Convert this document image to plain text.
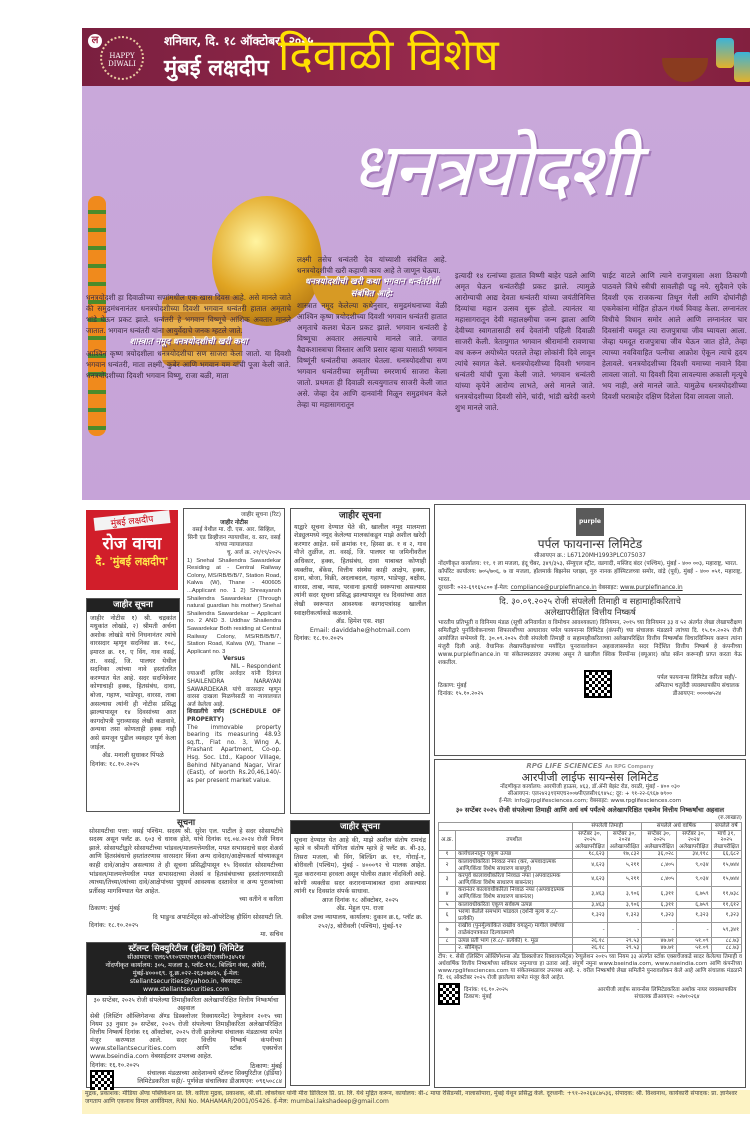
ल
HAPPY
DIWALI
शनिवार, दि. १८ ऑक्टोबर, २०२५
मुंबई लक्षदीप दिवाळी विशेष
धनत्रयोदशी

धनत्रयोदशी हा दिवाळीच्या सणांमधील एक खास दिवस आहे. असे मानले जाते की समुद्रमंथनानंतर धनत्रयोदशीच्या दिवशी भगवान धन्वंतरी हातात अमृताचे भांडे घेऊन प्रकट झाले. धन्वंतरी हे भगवान विष्णूचे आंशिक अवतार मानले जातात. भगवान धन्वंतरी यांना आयुर्वेदाचे जनक म्हटले जाते.

शास्त्रात नमूद धनत्रयोदशीची खरी कथा

आश्विन कृष्ण त्रयोदशीला धनत्रयोदशीचा सण साजरा केला जातो. या दिवशी भगवान धन्वंतरी, माता लक्ष्मी, कुबेर आणि भगवान यम यांची पूजा केली जाते. धनत्रयोदशीच्या दिवशी भगवान विष्णू, राजा बळी, माता

लक्ष्मी तसेच धन्वंतरी देव यांच्याशी संबंधित आहे. धनत्रयोदशीची खरी कहाणी काय आहे ते जाणून घेऊया.

धनत्रयोदशीची खरी कथा भगवान धन्वंतरीशी संबंधित आहे:

शास्त्रात नमूद केलेल्या कथेनुसार, समुद्रमंथनाच्या वेळी आश्विन कृष्ण त्रयोदशीच्या दिवशी भगवान धन्वंतरी हातात अमृताचे कलश घेऊन प्रकट झाले. भगवान धन्वंतरी हे विष्णूचा अवतार असल्याचे मानले जाते. जगात वैद्यकशास्त्राचा विस्तार आणि प्रसार व्हावा यासाठी भगवान विष्णूंनी धन्वंतरीचा अवतार घेतला. धनत्रयोदशीचा सण भगवान धन्वंतरीच्या स्मृतीच्या स्मरणार्थ साजरा केला जातो. प्रथमतः ही दिवाळी सत्ययुगातच साजरी केली जात असे. जेव्हा देव आणि दानवांनी मिळून समुद्रमंथन केले तेव्हा या महासागरातून

इत्यादी १४ रत्नांच्या हातात विष्णी बाहेर पडले आणि अमृत घेऊन धन्वंतरीही प्रकट झाले. त्यामुळे आरोग्याची आद्य देवता धन्वंतरी यांच्या जयंतीनिमित्त दिव्यांचा महान उत्सव सुरू होतो. त्यानंतर या महासागरातून देवी महालक्ष्मीचा जन्म झाला आणि देवीच्या स्वागतासाठी सर्व देवतांनी पहिली दिवाळी साजरी केली. त्रेतायुगात भगवान श्रीरामांनी रावणाचा वध करून अयोध्येत परतले तेव्हा लोकांनी दिवे लावून त्यांचे स्वागत केले. धनत्रयोदशीच्या दिवशी भगवान धन्वंतरी यांची पूजा केली जाते. भगवान धन्वंतरी यांच्या कृपेने आरोग्य लाभते, असे मानले जाते. धनत्रयोदशीच्या दिवशी सोने, चांदी, भांडी खरेदी करणे शुभ मानले जाते.
चाईट वाटले आणि त्याने राजपुत्राला अशा ठिकाणी पाठवले जिथे स्त्रीची सावलीही पडू नये. सुदैवाने एके दिवशी एक राजकन्या तिथून गेली आणि दोघांनीही एकमेकांना मोहित होऊन गंधर्व विवाह केला. लग्नानंतर विधीचे विधान समोर आले आणि लग्नानंतर चार दिवसांनी यमदूत त्या राजपुत्राचा जीव घ्यायला आला. जेव्हा यमदूत राजपुत्राचा जीव घेऊन जात होते, तेव्हा त्याच्या नवविवाहित पत्नीचा आक्रोश ऐकून त्याचे हृदय हेलावले. धनत्रयोदशीच्या दिवशी यमाच्या नावाने दिवा लावला जातो. या दिवशी दिवा लावल्यास अकाली मृत्यूचे भय नाही, असे मानले जाते. यामुळेच धनत्रयोदशीच्या दिवशी घराबाहेर दक्षिण दिशेला दिवा लावला जातो.
मुंबई लक्षदीप
रोज वाचा
दै. 'मुंबई लक्षदीप'
जाहीर सूचना

जाहीर नोटीस १) श्री. चद्रकांत मधुकांत लोखंडे, २) श्रीमती अर्चना अशोक लोखंडे यांचे निधनानंतर त्यांचे वारसदार म्हणून सदनिका क्र. १०८, इमारत क्र. ११, ए विंग, गाव वसई, ता. वसई, जि. पालघर येथील सदनिका त्यांच्या नावे हस्तांतरित करण्यात येत आहे. सदर सदनिकेवर कोणाचाही हक्क, हितसंबंध, दावा, बोजा, गहाण, भाडेपट्टा, वारसा, ताबा असल्यास त्यांनी ही नोटीस प्रसिद्ध झाल्यापासून १४ दिवसांच्या आत कागदोपत्री पुराव्यासह लेखी कळवावे, अन्यथा तसा कोणताही हक्क नाही असे समजून पुढील व्यवहार पूर्ण केला जाईल.

ॲड. मनाली सुधाकर पिंपळे

दिनांक: १८.१०.२०२५

जाहीर सूचना (रिट)

जाहीर नोटीस

वसई येथील मा. दी. एस. आर. सिव्हिल, सिनी एड डिव्हीजन न्यायाधीश, व. स्तर, वसई यांच्या न्यायालयात

चु. अर्ज क्र. २१/१९/२०२५

1) Snehal Shailendra Sawardekar Residing at - Central Railway Colony, MS/RB/B/B/7, Station Road, Kalwa (W), Thane - 400605 ...Applicant no. 1 2) Shreayansh Shailendra Sawardekar (Through natural guardian his mother) Snehal Shailendra Sawardekar – Applicant no. 2 AND 3. Uddhav Shailendra Sawardekar Both residing at Central Railway Colony, MS/RB/B/B/7, Station Road, Kalwa (W), Thane – Applicant no. 3

Versus

NIL – Respondent

ज्याअर्थी हाजिर अर्जदार यांनी दिवंगत SHAILENDRA NARAYAN SAWARDEKAR यांचे वारसदार म्हणून वारसा दाखला मिळणेसाठी या न्यायालयात अर्ज केलेला आहे.

शिवडलीचे वर्णन (SCHEDULE OF PROPERTY)

The immovable property bearing its measuring 48.93 sq.ft., Flat no. 3, Wing A, Prashant Apartment, Co-op. Hsg. Soc. Ltd., Kapoor Village, Behind Nityanand Nagar, Virar (East), of worth Rs.20,46,140/- as per present market value.

जाहीर सूचना

याद्वारे सूचना देण्यात येते की, खालील नमूद मालमत्ता शेड्युलमध्ये नमूद केलेल्या मालकांकडून माझे अशील खरेदी करणार आहेत. सर्वे क्रमांक ११, हिस्सा क्र. १ व २, गाव मौजे तुळींज, ता. वसई, जि. पालघर या जमिनीवरील अधिकार, हक्क, हितसंबंध, दावा याबाबत कोणाही व्यक्तीस, बँकेस, वित्तीय संस्थेस काही आक्षेप, हक्क, दावा, बोजा, विक्री, अदलाबदल, गहाण, भाडेपट्टा, बक्षीस, वारसा, ताबा, न्यास, परवाना इत्यादी स्वरूपाचा असल्यास त्यांनी सदर सूचना प्रसिद्ध झाल्यापासून १४ दिवसांच्या आत लेखी स्वरूपात आवश्यक कागदपत्रांसह खालील स्वाक्षरीकर्त्याकडे कळवावे.

ॲड. हिमेश एस. शहा

Email: daviddahe@hotmail.com

दिनांक: १८.१०.२०२५

सूचना

सोसायटीचा पत्ता: वसई पश्चिम. सदस्य श्री. सुरेश एल. पाटील हे सदर सोसायटीचे सदस्य असून फ्लॅट क्र. ६०३ चे धारक होते, यांचे दिनांक १६.०४.२०२४ रोजी निधन झाले. सोसायटीद्वारे सोसायटीच्या भांडवल/मालमत्तेमधील, मयत सभासदाचे सदर शेअर्स आणि हितसंबंधाचे हस्तांतरणास वारसदार किंवा अन्य दावेदार/आक्षेपकर्ता यांच्याकडून काही दावे/आक्षेप असल्यास ते ही सूचना प्रसिद्धीपासून १५ दिवसांत सोसायटीच्या भांडवल/मालमत्तेमधील मयत सभासदाच्या शेअर्स व हितसंबंधाच्या हस्तांतरणासाठी त्याच्या/तिच्या/त्यांच्या दावे/आक्षेपांच्या पुष्ठ्यर्थ आवश्यक दस्तावेज व अन्य पुराव्यांच्या प्रतींसह मागविण्यात येत आहेत.

च्या वतीने व करिता

ठिकाण: मुंबई

दि भाडुन्ड अपार्टमेंट्स को-ऑपरेटिव्ह हौसिंग सोसायटी लि.

दिनांक: १८.१०.२०२५

मा. सचिव

स्टॅलन्ट सिक्युरिटीज (इंडिया) लिमिटेड
सीआयएन: एल६५९१०एमएच१९८४पीएलसी०३४५१४
नोंदणीकृत कार्यालय: ३०५, मजला ३, प्लॉट-१९८, बिल्डिंग नंबर, अंधेरी, मुंबई-४०००६९. दू.क्र.०२२-२६३०७४६५, ई-मेल: stellantsecurities@yahoo.in, वेबसाइट: www.stellantsecurities.com

३० सप्टेंबर, २०२५ रोजी संपलेल्या तिमाहीकरिता अलेखापरिक्षित वित्तीय निष्कर्षाचा अहवाल

सेबी (लिस्टिंग ऑब्लिगेशन्स ॲण्ड डिस्क्लोजर रिक्वायरमेंट) रेग्युलेशन २०१५ च्या नियम ३३ नुसार ३० सप्टेंबर, २०२५ रोजी संपलेल्या तिमाहीकरिता अलेखापरिक्षित वित्तीय निष्कर्ष दिनांक १६ ऑक्टोबर, २०२५ रोजी झालेल्या संचालक मंडळाच्या सभेत मंजूर करण्यात आले. सदर वित्तीय निष्कर्ष कंपनीच्या www.stellantsecurities.com आणि स्टॉक एक्सचेंज www.bseindia.com वेबसाईटवर उपलब्ध आहेत.

दिनांक: १६.१०.२०२५	ठिकाण: मुंबई

संचालक मंडळाच्या आदेशान्वये स्टॅलन्ट सिक्युरिटीज (इंडिया) लिमिटेडकरिता सही/- पूर्णवेळ संचालिका डीआयएन: ०९६५०८८४

जाहीर सूचना

सूचना देण्यात येत आहे की, माझे अशील संतोष रामचंद्र म्हात्रे व श्रीमती योगिता संतोष म्हात्रे हे फ्लॅट क्र. बी-३३, तिसरा मजला, बी विंग, बिल्डिंग क्र. ११, गोराई-१, बोरीवली (पश्चिम), मुंबई - ४०००९२ चे मालक आहेत. मूळ करारनामा हरवला असून पोलीस तक्रार नोंदविली आहे. कोणी व्यक्तीस सदर करारनाम्याबाबत दावा असल्यास त्यांनी १४ दिवसांत संपर्क साधावा.

आज दिनांक १८ ऑक्टोबर, २०२५

ॲड. मेहुल एम. राजा

वकील उच्च न्यायालय, कार्यालय: दुकान क्र.६, प्लॉट क्र. २५२/३, बोरीवली (पश्चिम), मुंबई-९२

purple

पर्पल फायनान्स लिमिटेड

सीआयएन क्र.: L67120MH1993PLC075037

नोंदणीकृत कार्यालय: ११, १ ला मजला, इंदू चेंबर, ३४९/३५३, सॅम्युएल स्ट्रीट, वडगादी, मस्जिद बंदर (पश्चिम), मुंबई - ४०० ००३, महाराष्ट्र, भारत.

कॉर्पोरेट कार्यालय: ७०५/७०६, ७ वा मजला, हॉलमार्क बिझनेस प्लाझा, गुरु नानक हॉस्पिटलच्या समोर, वांद्रे (पूर्व), मुंबई - ४०० ०५१, महाराष्ट्र, भारत.

दूरध्वनी: ०२२-६९१६५८०० ई-मेल: compliance@purplefinance.in वेबसाइट: www.purplefinance.in

दि. ३०.०९.२०२५ रोजी संपलेली तिमाही व सहामाहीकरिताचे

अलेखापरीक्षित वित्तीय निष्कर्ष

भारतीय प्रतिभूती व विनिमय मंडळ (सूची अनिवार्यता व विमोचन आवश्यकता) विनियमन, २०१५ च्या विनियमन ३३ व ५२ अंतर्गत लेखा लेखापरीक्षण समितीद्वारे पुनर्विलोकनाच्या शिफारशींच्या आधारावर पर्पल फायनान्स लिमिटेड (कंपनी) च्या संचालक मंडळाने त्यांच्या दि. १५.१०.२०२५ रोजी आयोजित सभेमध्ये दि. ३०.०९.२०२५ रोजी संपलेली तिमाही व सहामाहीकरिताच्या अलेखापरिक्षित वित्तीय निष्कर्षांस विचारविनिमय करून त्यांना मंजुरी दिली आहे. वैधानिक लेखापरीक्षकांच्या मर्यादित पुनरावलोकन अहवालासमवेत सदर निर्देशित वित्तीय निष्कर्ष हे कंपनीच्या www.purplefinance.in या संकेतस्थळावर उपलब्ध असून ते खालील क्विक रिस्पॉन्स (क्यूआर) कोड स्कॅन करूनही प्राप्त करता येऊ शकतील.

ठिकाण: मुंबई

दिनांक: १५.१०.२०२५

पर्पल फायनान्स लिमिटेड करिता सही/- अमिताभ चतुर्वेदी व्यवस्थापकीय संचालक डीआयएन: ००००७५२४

RPG LIFE SCIENCES An RPG Company

आरपीजी लाईफ सायन्सेस लिमिटेड

नोंदणीकृत कार्यालय: आरपीजी हाऊस, ४६३, डॉ.ॲनी बेझंट रोड, वरळी, मुंबई - ४०० ०३०

सीआयएन: एल२४२३९एमएच२००७पीएलसी१६९४५८; दूर: + ९१-२२-६९६७ ७९००

ई-मेल: info@rpglifesciences.com; वेबसाइट: www.rpglifesciences.com

३० सप्टेंबर २०२५ रोजी संपलेल्या तिमाही आणि अर्ध वर्ष पर्यंतचे अलेखापरिक्षित एकमेव वित्तीय निष्कर्षांचा अहवाल

(रु.लाखात)

		संपलेली तिमाही		संपलेले अर्ध वार्षिक		संपलेले वर्ष
अ.क्र.	तपशील	सप्टेंबर ३०, २०२५ अलेखापरीक्षित	सप्टेंबर ३०, २०२४ अलेखापरीक्षित	सप्टेंबर ३०, २०२५ अलेखापरीक्षित	सप्टेंबर ३०, २०२४ अलेखापरीक्षित	मार्च ३१, २०२५ लेखापरीक्षित
१	कार्यचलनातून एकूण उत्पन्न	१८,६२३	१७,८३२	३६,०२८	३४,११८	६६,६८२
२	कालावधीकरिता निव्वळ नफा (कर, अपवादात्मक आणि/किंवा विशेष साधारण बाबपूर्व)	४,६२३	५,२११	८,४०५	९,०३४	१५,७४४
३	करपूर्व कालावधीकरिता निव्वळ नफा (अपवादात्मक आणि/किंवा विशेष साधारण बाबनंतर)	४,६२३	५,२११	८,४०५	९,०३४	१५,७४४
४	करानंतर कालावधीकरिता निव्वळ नफा (अपवादात्मक आणि/किंवा विशेष साधारण बाबनंतर)	३,४६३	३,९०६	६,३११	६,७५९	११,७३८
५	कालावधीकरिता एकूण सर्वंकष उत्पन्न	३,४६३	३,९०६	६,३११	६,७५९	११,६१२
६	भरणा केलेले समभाग भांडवल (दर्शनी मूल्य रु.८/-प्रत्येकी)	१,३२३	१,३२३	१,३२३	१,३२३	१,३२३
७	राखीव (पुनर्मूल्यांकित राखीव वगळून) मागील वर्षाच्या ताळेबंदपत्रकात दिल्याप्रमाणे	-	-	-	-	५९,३४१
८	उत्पन्न प्रती भाग (रु.८/- प्रत्येकी) १. मूळ	२६.१८	२९.५३	४७.७१	५१.०९	८८.७३
	२. सौमिकृत	२६.१८	२९.५३	४७.७१	५१.०९	८८.७३

टीप: १. सेबी (लिस्टिंग ऑब्लिगेशन्स अँड डिस्क्लोजर रिक्वायरमेंट्स) रेग्युलेशन २०१५ च्या नियम ३३ अंतर्गत स्टॉक एक्सचेंजकडे सादर केलेल्या तिमाही व अर्धवार्षिक वित्तीय निष्कर्षांच्या सविस्तर नमुन्याचा हा उतारा आहे. संपूर्ण नमुना www.bseindia.com, www.nseindia.com आणि कंपनीच्या www.rpglifesciences.com या संकेतस्थळावर उपलब्ध आहे. २. वरील निष्कर्षांचे लेखा समितीने पुनरावलोकन केले आहे आणि संचालक मंडळाने दि. १६ ऑक्टोबर २०२५ रोजी झालेल्या सभेत मंजूर केले आहेत.

दिनांक: १६.१०.२०२५

ठिकाण: मुंबई

आरपीजी लाईफ सायन्सेस लिमिटेडकरिता अशोक नायर व्यवस्थापकीय संचालक डीआयएन: ०२७१०२६४

मुद्रक, प्रकाशक: मीडिया ॲण्ड पब्लिकेशन प्रा. लि. करिता मुद्रक, प्रकाशक, श्री.सी. लोकरेकर यांनी मीरा डिजिटल प्रिं. प्रा. लि. येथे मुद्रित करून, कार्यालय: बी-८ माया रेसिडन्सी, नालासोपारा, मुंबई येथून प्रसिद्ध केले. दूरध्वनी: +९१-२०२६४८७५३६, संपादक: श्री. विश्वनाथ, कार्यकारी संपादक: प्रा. ज्ञानेश्वर जगताप आणि एकनाथ विमल आर्यविमल, RNI No. MAHAMAR/2001/05426. ई-मेल: mumbai.lakshadeep@gmail.com
